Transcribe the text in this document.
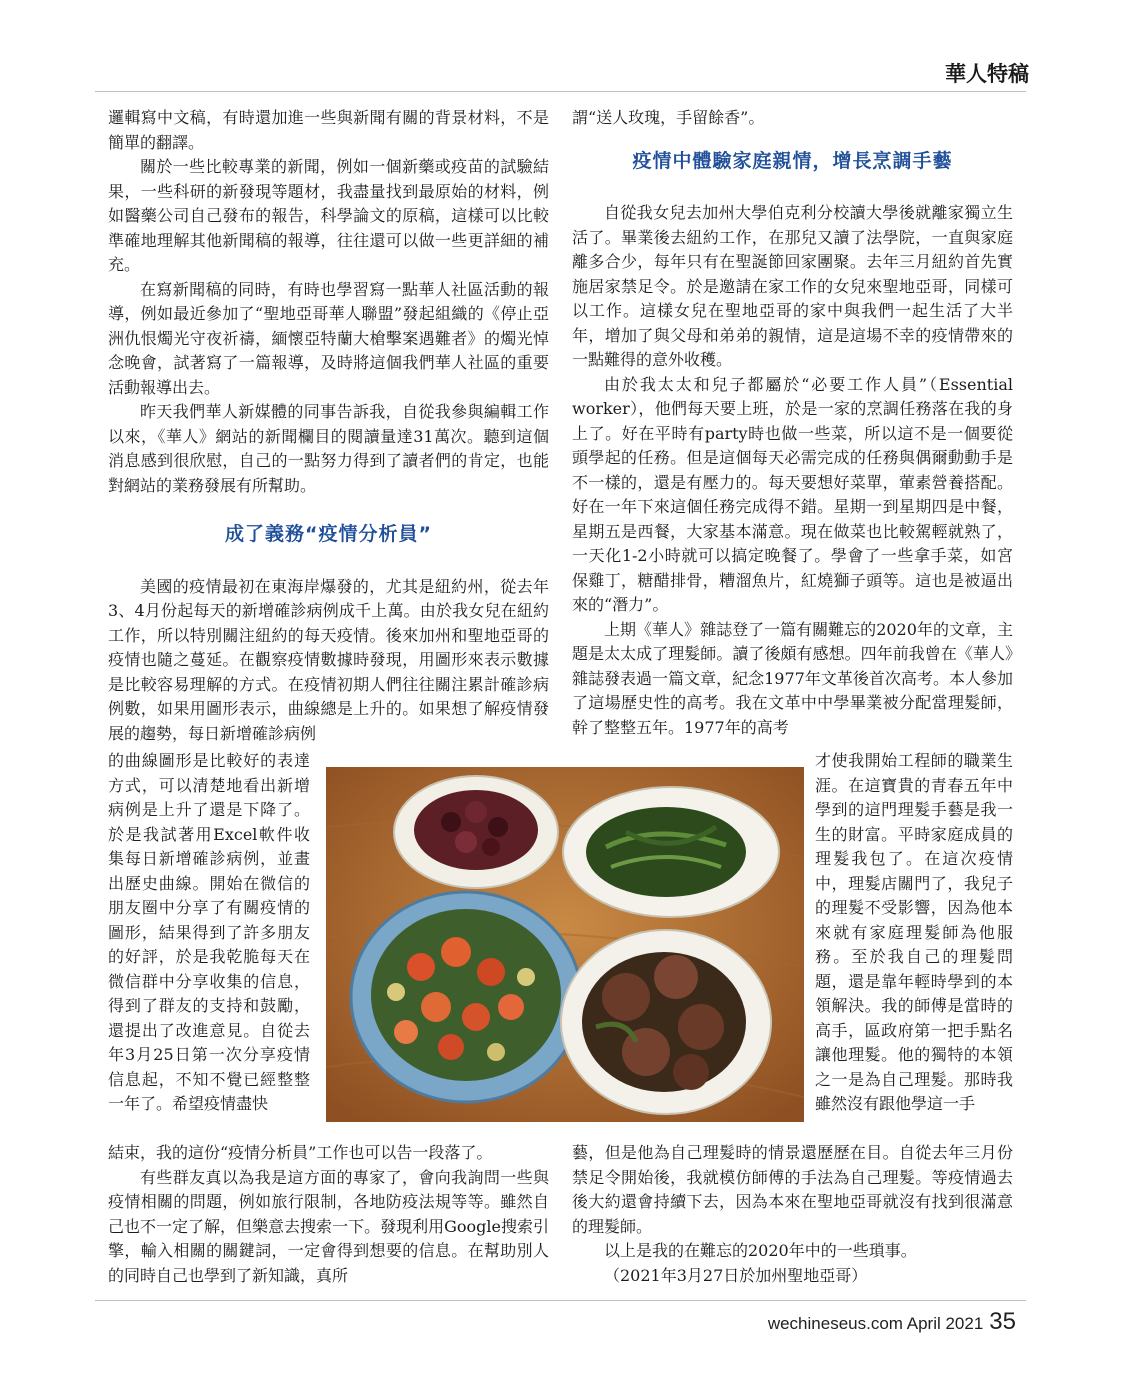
華人特稿

邏輯寫中文稿，有時還加進一些與新聞有關的背景材料，不是簡單的翻譯。

關於一些比較專業的新聞，例如一個新藥或疫苗的試驗結果，一些科研的新發現等題材，我盡量找到最原始的材料，例如醫藥公司自己發布的報告，科學論文的原稿，這樣可以比較準確地理解其他新聞稿的報導，往往還可以做一些更詳細的補充。

在寫新聞稿的同時，有時也學習寫一點華人社區活動的報導，例如最近參加了“聖地亞哥華人聯盟”發起組織的《停止亞洲仇恨燭光守夜祈禱，緬懷亞特蘭大槍擊案遇難者》的燭光悼念晚會，試著寫了一篇報導，及時將這個我們華人社區的重要活動報導出去。

昨天我們華人新媒體的同事告訴我，自從我參與編輯工作以來，《華人》網站的新聞欄目的閱讀量達31萬次。聽到這個消息感到很欣慰，自己的一點努力得到了讀者們的肯定，也能對網站的業務發展有所幫助。

成了義務“疫情分析員”

美國的疫情最初在東海岸爆發的，尤其是紐約州，從去年3、4月份起每天的新增確診病例成千上萬。由於我女兒在紐約工作，所以特別關注紐約的每天疫情。後來加州和聖地亞哥的疫情也隨之蔓延。在觀察疫情數據時發現，用圖形來表示數據是比較容易理解的方式。在疫情初期人們往往關注累計確診病例數，如果用圖形表示，曲線總是上升的。如果想了解疫情發展的趨勢，每日新增確診病例

的曲線圖形是比較好的表達方式，可以清楚地看出新增病例是上升了還是下降了。於是我試著用Excel軟件收集每日新增確診病例，並畫出歷史曲線。開始在微信的朋友圈中分享了有關疫情的圖形，結果得到了許多朋友的好評，於是我乾脆每天在微信群中分享收集的信息，得到了群友的支持和鼓勵，還提出了改進意見。自從去年3月25日第一次分享疫情信息起，不知不覺已經整整一年了。希望疫情盡快

結束，我的這份“疫情分析員”工作也可以告一段落了。

有些群友真以為我是這方面的專家了，會向我詢問一些與疫情相關的問題，例如旅行限制，各地防疫法規等等。雖然自己也不一定了解，但樂意去搜索一下。發現利用Google搜索引擎，輸入相關的關鍵詞，一定會得到想要的信息。在幫助別人的同時自己也學到了新知識，真所

謂“送人玫瑰，手留餘香”。

疫情中體驗家庭親情，增長烹調手藝

自從我女兒去加州大學伯克利分校讀大學後就離家獨立生活了。畢業後去紐約工作，在那兒又讀了法學院，一直與家庭離多合少，每年只有在聖誕節回家團聚。去年三月紐約首先實施居家禁足令。於是邀請在家工作的女兒來聖地亞哥，同樣可以工作。這樣女兒在聖地亞哥的家中與我們一起生活了大半年，增加了與父母和弟弟的親情，這是這場不幸的疫情帶來的一點難得的意外收穫。

由於我太太和兒子都屬於“必要工作人員”（Essential worker），他們每天要上班，於是一家的烹調任務落在我的身上了。好在平時有party時也做一些菜，所以這不是一個要從頭學起的任務。但是這個每天必需完成的任務與偶爾動動手是不一樣的，還是有壓力的。每天要想好菜單，葷素營養搭配。好在一年下來這個任務完成得不錯。星期一到星期四是中餐，星期五是西餐，大家基本滿意。現在做菜也比較駕輕就熟了，一天化1-2小時就可以搞定晚餐了。學會了一些拿手菜，如宮保雞丁，糖醋排骨，糟溜魚片，紅燒獅子頭等。這也是被逼出來的“潛力”。

上期《華人》雜誌登了一篇有關難忘的2020年的文章，主題是太太成了理髮師。讀了後頗有感想。四年前我曾在《華人》雜誌發表過一篇文章，紀念1977年文革後首次高考。本人參加了這場歷史性的高考。我在文革中中學畢業被分配當理髮師，幹了整整五年。1977年的高考

才使我開始工程師的職業生涯。在這寶貴的青春五年中學到的這門理髮手藝是我一生的財富。平時家庭成員的理髮我包了。在這次疫情中，理髮店關門了，我兒子的理髮不受影響，因為他本來就有家庭理髮師為他服務。至於我自己的理髮問題，還是靠年輕時學到的本領解決。我的師傅是當時的高手，區政府第一把手點名讓他理髮。他的獨特的本領之一是為自己理髮。那時我雖然沒有跟他學這一手

藝，但是他為自己理髮時的情景還歷歷在目。自從去年三月份禁足令開始後，我就模仿師傅的手法為自己理髮。等疫情過去後大約還會持續下去，因為本來在聖地亞哥就沒有找到很滿意的理髮師。

以上是我的在難忘的2020年中的一些瑣事。

（2021年3月27日於加州聖地亞哥）

wechineseus.com April 2021 35
